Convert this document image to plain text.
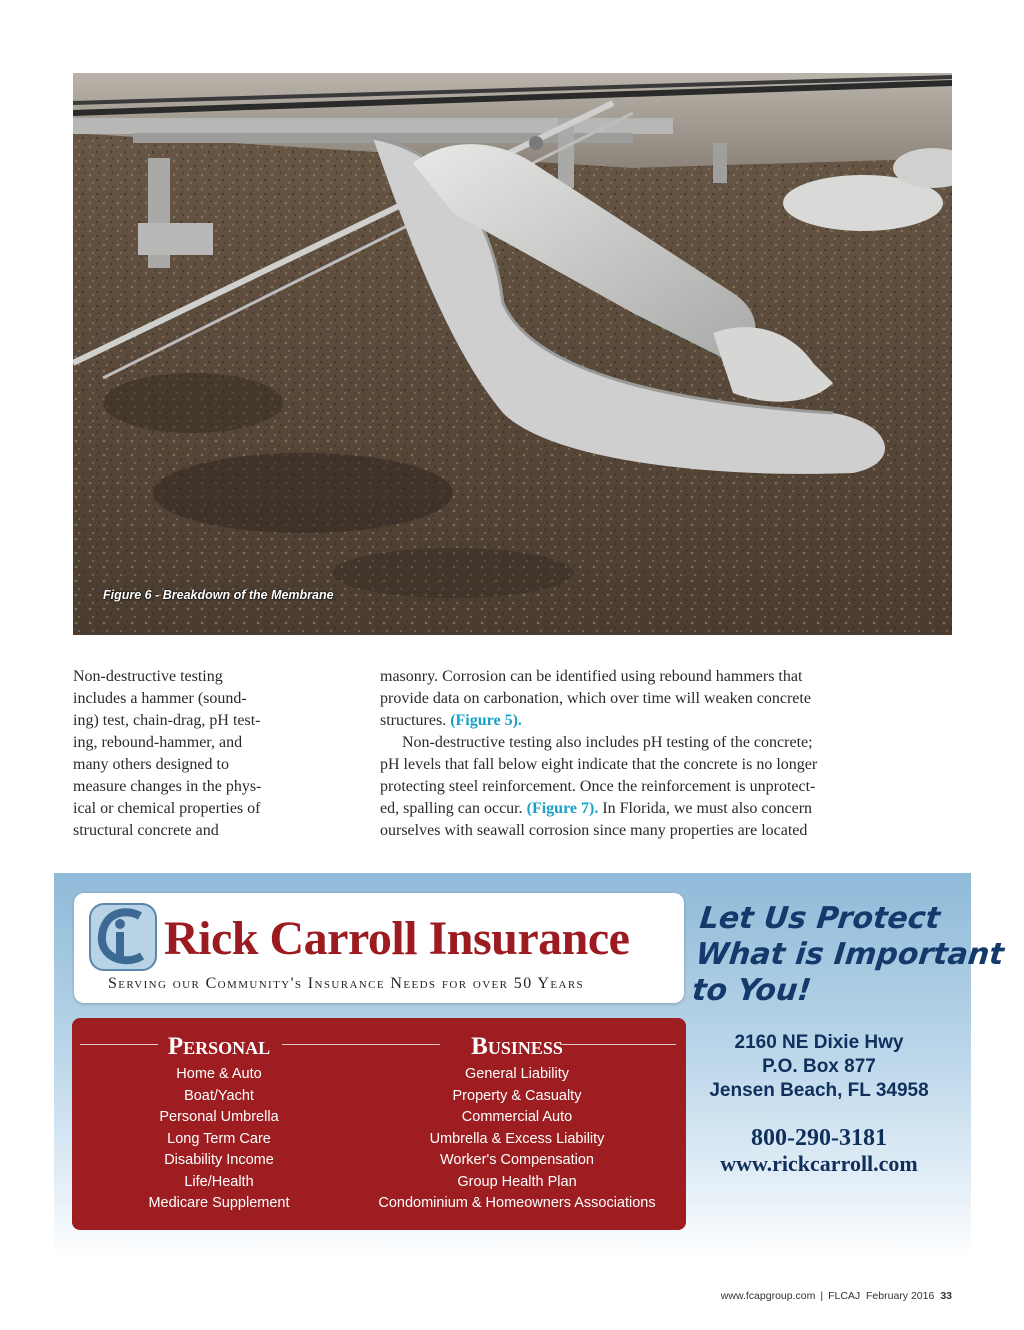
Figure 6 - Breakdown of the Membrane
Non-destructive testing
includes a hammer (sound-
ing) test, chain-drag, pH test-
ing, rebound-hammer, and
many others designed to
measure changes in the phys-
ical or chemical properties of
structural concrete and
masonry. Corrosion can be identified using rebound hammers that
provide data on carbonation, which over time will weaken concrete
structures. (Figure 5).
Non-destructive testing also includes pH testing of the concrete;
pH levels that fall below eight indicate that the concrete is no longer
protecting steel reinforcement. Once the reinforcement is unprotect-
ed, spalling can occur. (Figure 7). In Florida, we must also concern
ourselves with seawall corrosion since many properties are located
Rick Carroll Insurance
Serving our Community's Insurance Needs for over 50 Years
Let Us Protect
What is Important
to You!
Personal
Home & Auto
Boat/Yacht
Personal Umbrella
Long Term Care
Disability Income
Life/Health
Medicare Supplement
Business
General Liability
Property & Casualty
Commercial Auto
Umbrella & Excess Liability
Worker's Compensation
Group Health Plan
Condominium & Homeowners Associations
2160 NE Dixie Hwy
P.O. Box 877
Jensen Beach, FL 34958
800-290-3181
www.rickcarroll.com
www.fcapgroup.com | FLCAJ February 2016 33
